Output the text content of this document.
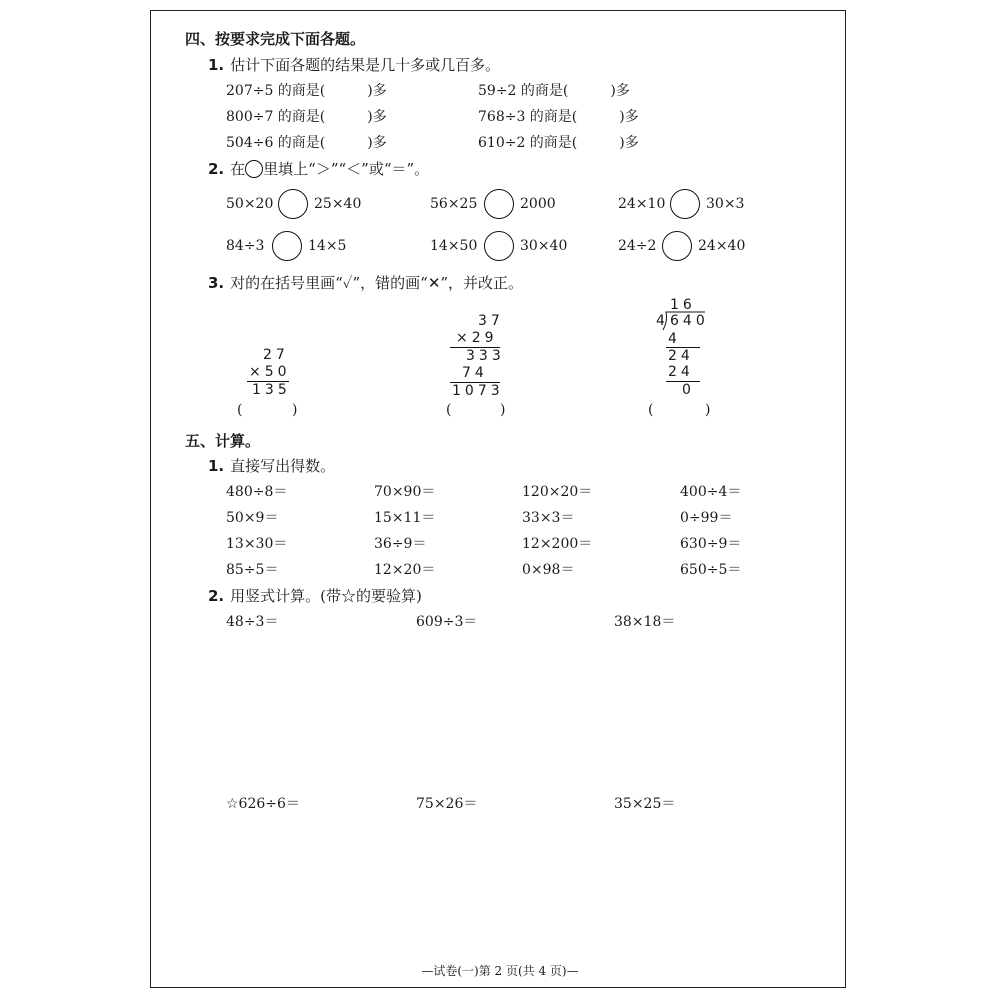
四、按要求完成下面各题。
1. 估计下面各题的结果是几十多或几百多。
207÷5 的商是(　　　)多	59÷2 的商是(　　　)多
800÷7 的商是(　　　)多	768÷3 的商是(　　　)多
504÷6 的商是(　　　)多	610÷2 的商是(　　　)多
2. 在 里填上“＞”“＜”或“＝”。
50×20	25×40	56×25	2000	24×10	30×3
84÷3	14×5	14×50	30×40	24÷2	24×40
3. 对的在括号里画“✓”，错的画“✕”，并改正。
27
×50
135
(	)
37
×29
333
74
1073
(	)
16
4 640
4
24
24
0
(	)
五、计算。
1. 直接写出得数。
480÷8＝	70×90＝	120×20＝	400÷4＝
50×9＝	15×11＝	33×3＝	0÷99＝
13×30＝	36÷9＝	12×200＝	630÷9＝
85÷5＝	12×20＝	0×98＝	650÷5＝
2. 用竖式计算。(带☆的要验算)
48÷3＝	609÷3＝	38×18＝
☆626÷6＝	75×26＝	35×25＝
—试卷(一)第 2 页(共 4 页)—
